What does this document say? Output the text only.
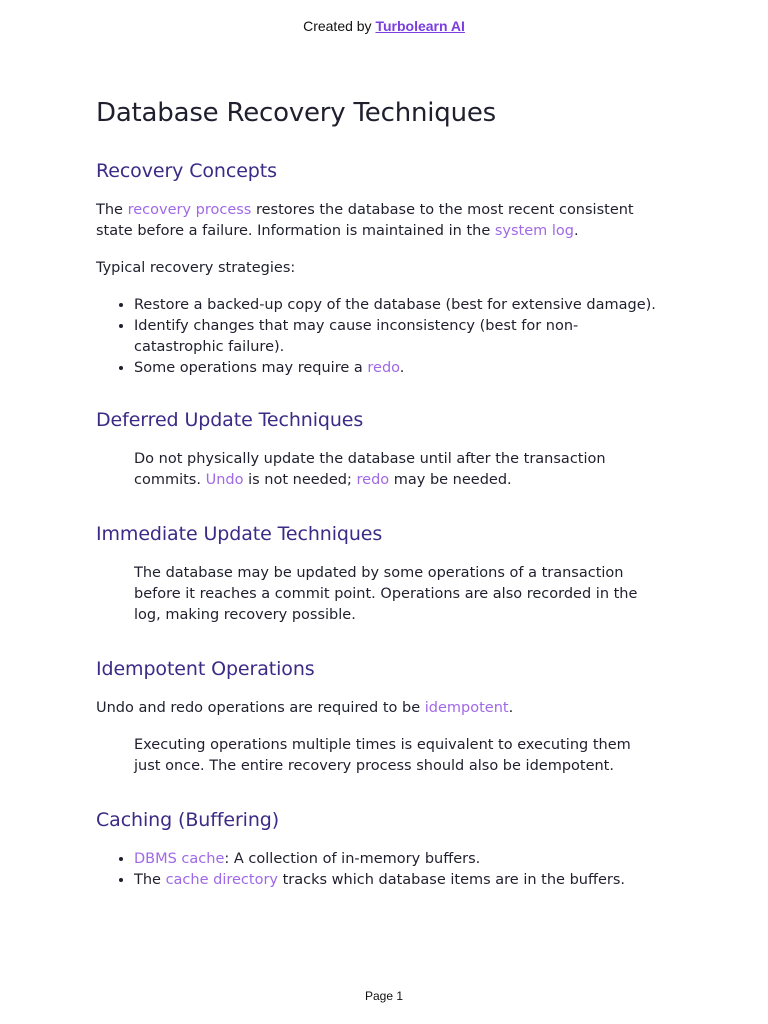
Created by Turbolearn AI
Database Recovery Techniques
Recovery Concepts

The recovery process restores the database to the most recent consistent state before a failure. Information is maintained in the system log.

Typical recovery strategies:

• Restore a backed-up copy of the database (best for extensive damage).
• Identify changes that may cause inconsistency (best for non-catastrophic failure).
• Some operations may require a redo.
Deferred Update Techniques
Do not physically update the database until after the transaction commits. Undo is not needed; redo may be needed.
Immediate Update Techniques
The database may be updated by some operations of a transaction before it reaches a commit point. Operations are also recorded in the log, making recovery possible.
Idempotent Operations

Undo and redo operations are required to be idempotent.

Executing operations multiple times is equivalent to executing them just once. The entire recovery process should also be idempotent.
Caching (Buffering)
• DBMS cache: A collection of in-memory buffers.
• The cache directory tracks which database items are in the buffers.
Page 1
